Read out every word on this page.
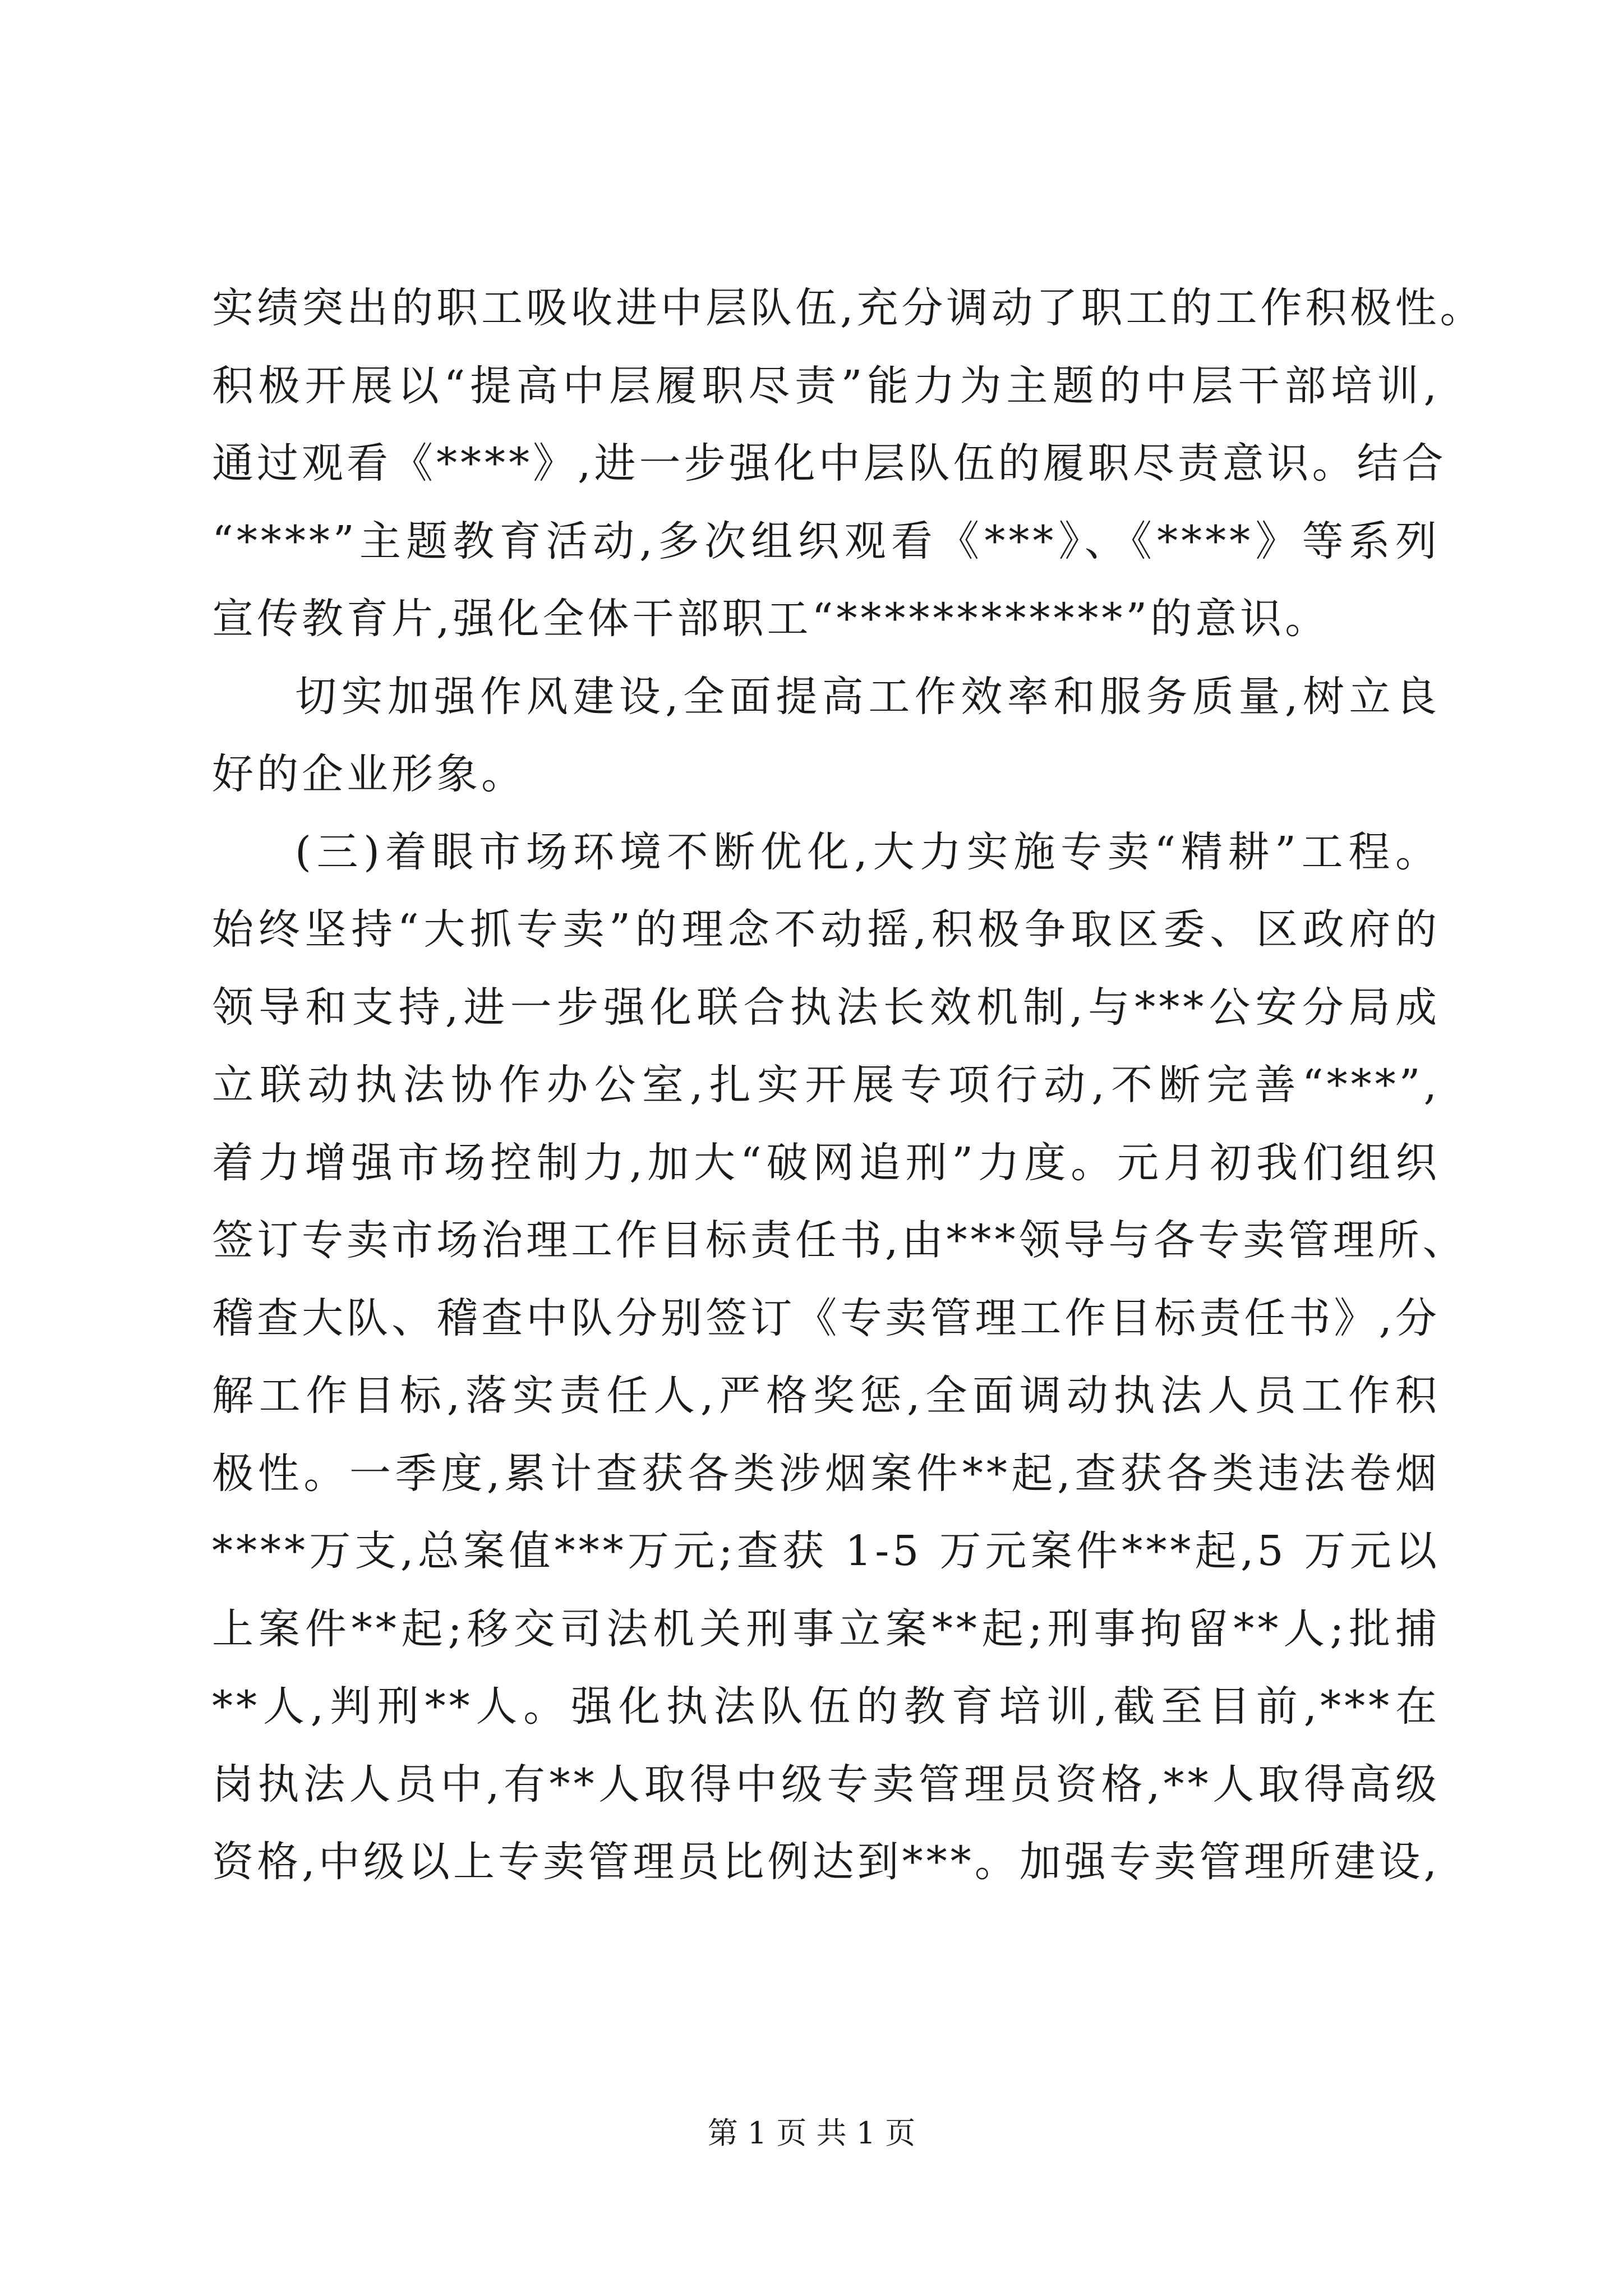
实绩突出的职工吸收进中层队伍,充分调动了职工的工作积极性。
积极开展以“提高中层履职尽责”能力为主题的中层干部培训,
通过观看《****》,进一步强化中层队伍的履职尽责意识。结合
“****”主题教育活动,多次组织观看《***》、《****》等系列
宣传教育片,强化全体干部职工“************”的意识。
切实加强作风建设,全面提高工作效率和服务质量,树立良
好的企业形象。
(三)着眼市场环境不断优化,大力实施专卖“精耕”工程。
始终坚持“大抓专卖”的理念不动摇,积极争取区委、区政府的
领导和支持,进一步强化联合执法长效机制,与***公安分局成
立联动执法协作办公室,扎实开展专项行动,不断完善“***”,
着力增强市场控制力,加大“破网追刑”力度。元月初我们组织
签订专卖市场治理工作目标责任书,由***领导与各专卖管理所、
稽查大队、稽查中队分别签订《专卖管理工作目标责任书》,分
解工作目标,落实责任人,严格奖惩,全面调动执法人员工作积
极性。一季度,累计查获各类涉烟案件**起,查获各类违法卷烟
****万支,总案值***万元;查获 1-5 万元案件***起,5 万元以
上案件**起;移交司法机关刑事立案**起;刑事拘留**人;批捕
**人,判刑**人。强化执法队伍的教育培训,截至目前,***在
岗执法人员中,有**人取得中级专卖管理员资格,**人取得高级
资格,中级以上专卖管理员比例达到***。加强专卖管理所建设,
第 1 页 共 1 页
